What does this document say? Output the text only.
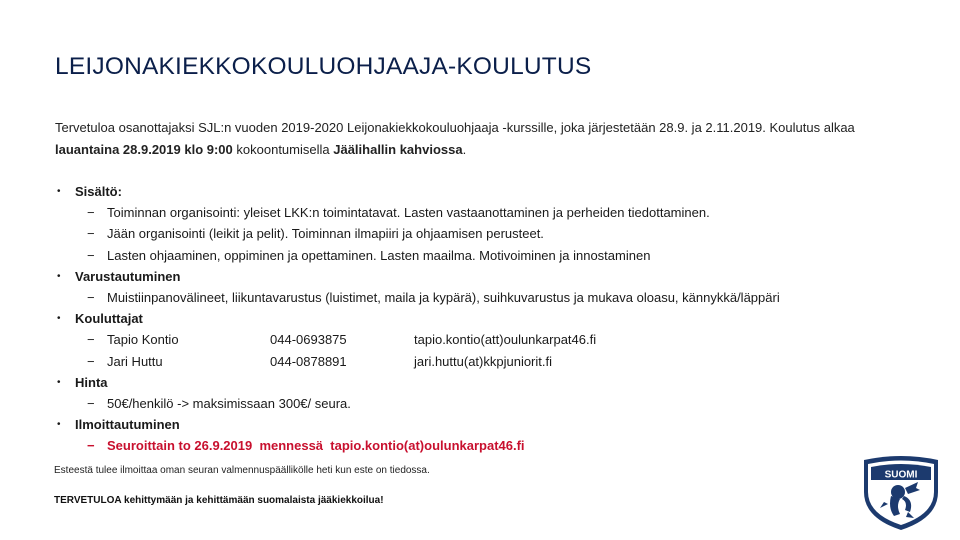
LEIJONAKIEKKOKOULUOHJAAJA-KOULUTUS
Tervetuloa osanottajaksi SJL:n vuoden 2019-2020 Leijonakiekkokouluohjaaja -kurssille, joka järjestetään 28.9. ja 2.11.2019. Koulutus alkaa lauantaina 28.9.2019 klo 9:00 kokoontumisella Jäälihallin kahviossa.
• Sisältö:
− Toiminnan organisointi: yleiset LKK:n toimintatavat. Lasten vastaanottaminen ja perheiden tiedottaminen.
− Jään organisointi (leikit ja pelit). Toiminnan ilmapiiri ja ohjaamisen perusteet.
− Lasten ohjaaminen, oppiminen ja opettaminen. Lasten maailma. Motivoiminen ja innostaminen
• Varustautuminen
− Muistiinpanovälineet, liikuntavarustus (luistimet, maila ja kypärä), suihkuvarustus ja mukava oloasu, kännykkä/läppäri
• Kouluttajat
− Tapio Kontio	044-0693875	tapio.kontio(att)oulunkarpat46.fi
− Jari Huttu	044-0878891	jari.huttu(at)kkpjuniorit.fi
• Hinta
− 50€/henkilö -> maksimissaan 300€/ seura.
• Ilmoittautuminen
− Seuroittain to 26.9.2019  mennessä  tapio.kontio(at)oulunkarpat46.fi
Esteestä tulee ilmoittaa oman seuran valmennuspäällikölle heti kun este on tiedossa.
TERVETULOA kehittymään ja kehittämään suomalaista jääkiekkoilua!
SUOMI
